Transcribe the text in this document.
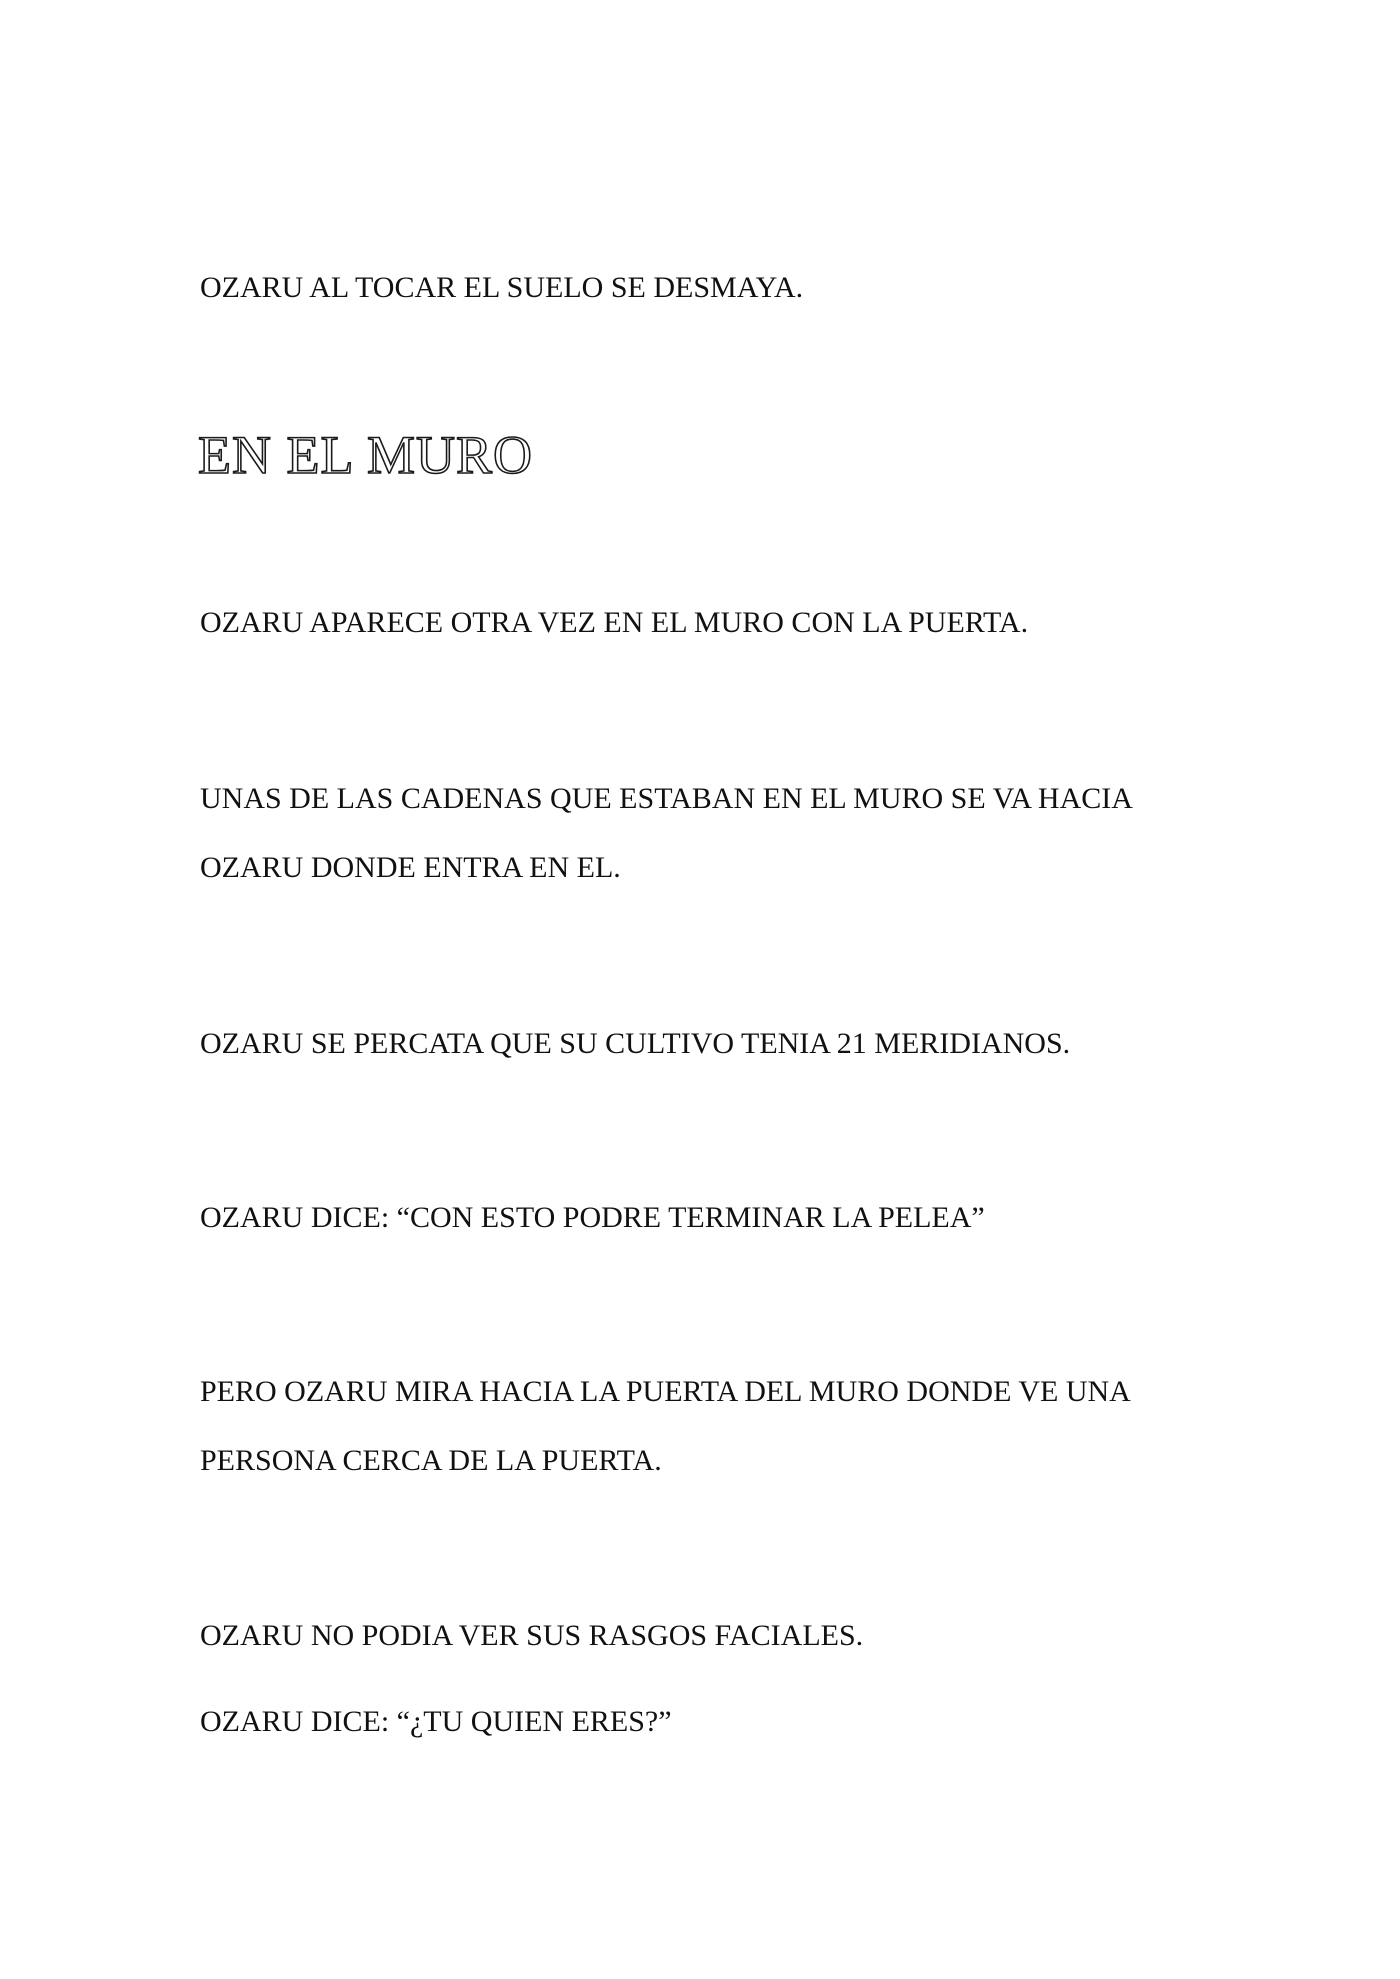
OZARU AL TOCAR EL SUELO SE DESMAYA.
EN EL MURO
OZARU APARECE OTRA VEZ EN EL MURO CON LA PUERTA.
UNAS DE LAS CADENAS QUE ESTABAN EN EL MURO SE VA HACIA
OZARU DONDE ENTRA EN EL.
OZARU SE PERCATA QUE SU CULTIVO TENIA 21 MERIDIANOS.
OZARU DICE: “CON ESTO PODRE TERMINAR LA PELEA”
PERO OZARU MIRA HACIA LA PUERTA DEL MURO DONDE VE UNA
PERSONA CERCA DE LA PUERTA.
OZARU NO PODIA VER SUS RASGOS FACIALES.
OZARU DICE: “¿TU QUIEN ERES?”
